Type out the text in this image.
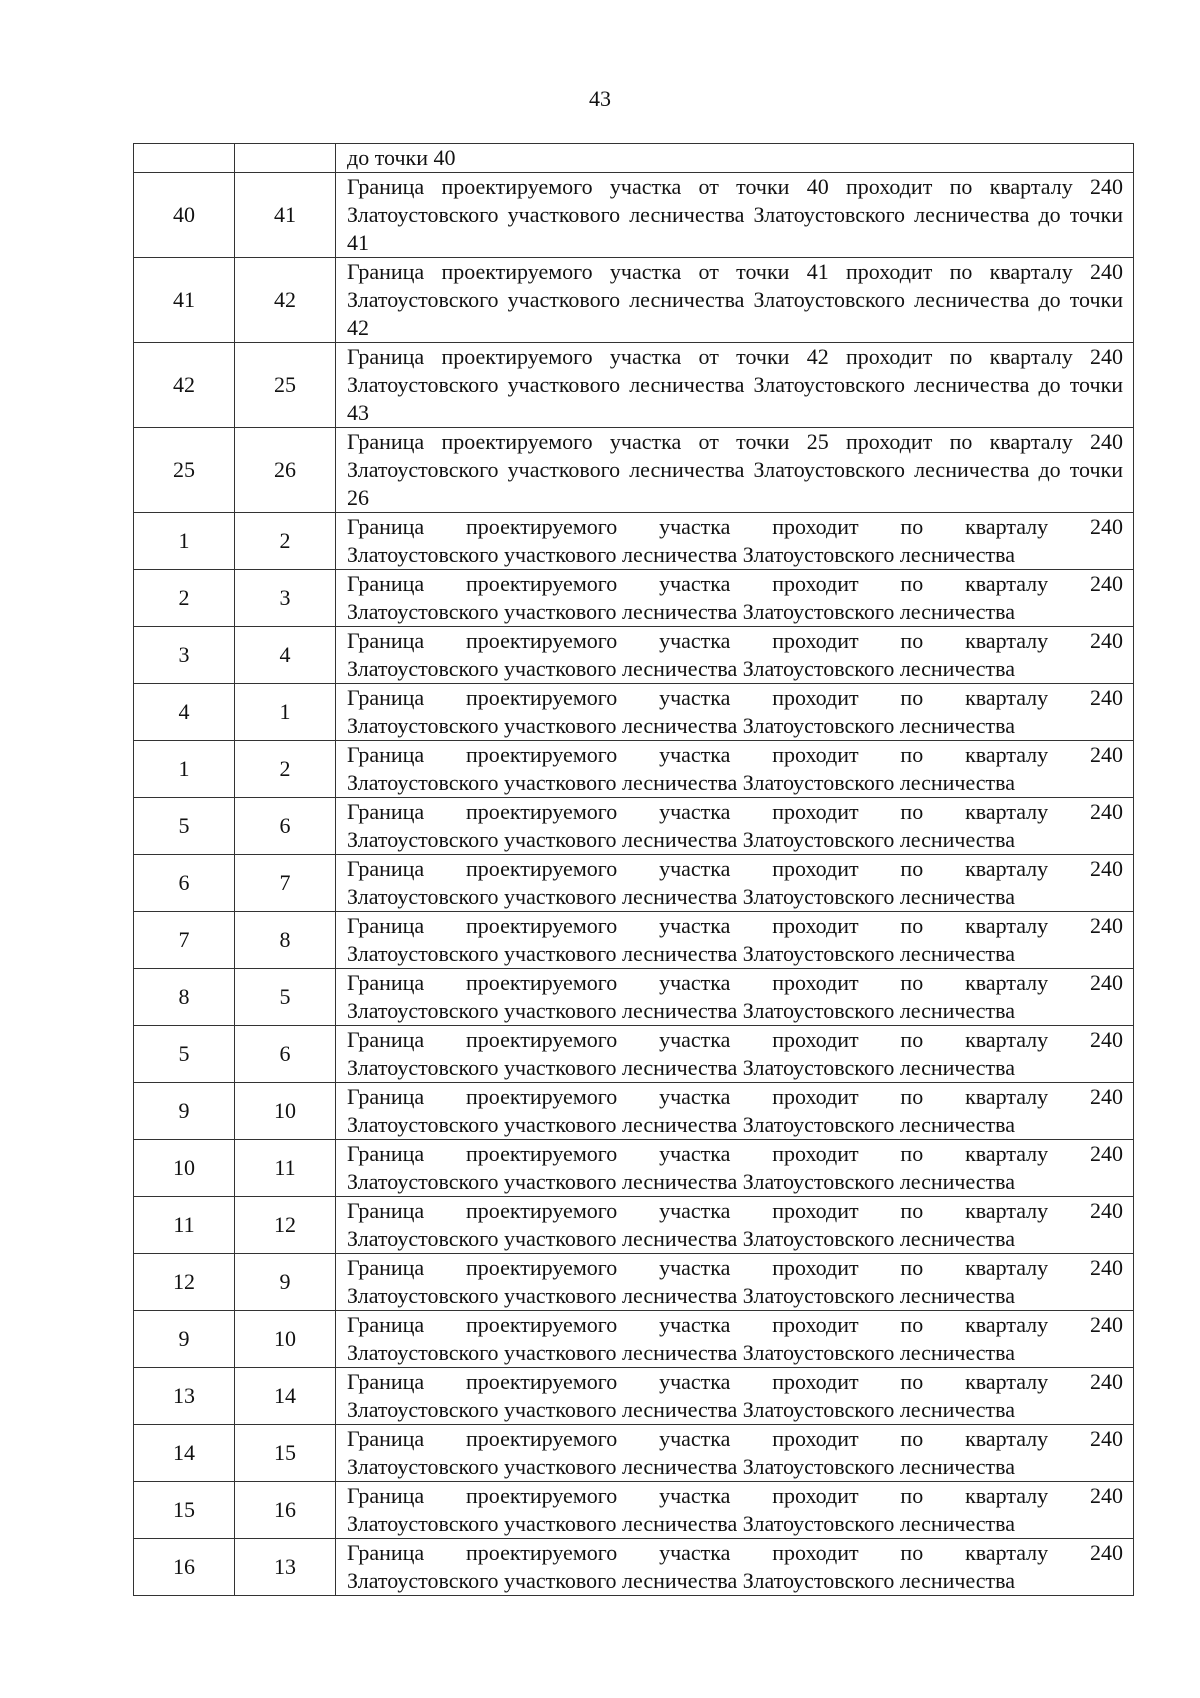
43

		до точки 40

40	41	Граница проектируемого участка от точки 40 проходит по кварталу 240 Златоустовского участкового лесничества Златоустовского лесничества до точки 41

41	42	Граница проектируемого участка от точки 41 проходит по кварталу 240 Златоустовского участкового лесничества Златоустовского лесничества до точки 42

42	25	Граница проектируемого участка от точки 42 проходит по кварталу 240 Златоустовского участкового лесничества Златоустовского лесничества до точки 43

25	26	Граница проектируемого участка от точки 25 проходит по кварталу 240 Златоустовского участкового лесничества Златоустовского лесничества до точки 26

1	2	Граница проектируемого участка проходит по кварталу 240
Златоустовского участкового лесничества Златоустовского лесничества

2	3	Граница проектируемого участка проходит по кварталу 240
Златоустовского участкового лесничества Златоустовского лесничества

3	4	Граница проектируемого участка проходит по кварталу 240
Златоустовского участкового лесничества Златоустовского лесничества

4	1	Граница проектируемого участка проходит по кварталу 240
Златоустовского участкового лесничества Златоустовского лесничества

1	2	Граница проектируемого участка проходит по кварталу 240
Златоустовского участкового лесничества Златоустовского лесничества

5	6	Граница проектируемого участка проходит по кварталу 240
Златоустовского участкового лесничества Златоустовского лесничества

6	7	Граница проектируемого участка проходит по кварталу 240
Златоустовского участкового лесничества Златоустовского лесничества

7	8	Граница проектируемого участка проходит по кварталу 240
Златоустовского участкового лесничества Златоустовского лесничества

8	5	Граница проектируемого участка проходит по кварталу 240
Златоустовского участкового лесничества Златоустовского лесничества

5	6	Граница проектируемого участка проходит по кварталу 240
Златоустовского участкового лесничества Златоустовского лесничества

9	10	Граница проектируемого участка проходит по кварталу 240
Златоустовского участкового лесничества Златоустовского лесничества

10	11	Граница проектируемого участка проходит по кварталу 240
Златоустовского участкового лесничества Златоустовского лесничества

11	12	Граница проектируемого участка проходит по кварталу 240
Златоустовского участкового лесничества Златоустовского лесничества

12	9	Граница проектируемого участка проходит по кварталу 240
Златоустовского участкового лесничества Златоустовского лесничества

9	10	Граница проектируемого участка проходит по кварталу 240
Златоустовского участкового лесничества Златоустовского лесничества

13	14	Граница проектируемого участка проходит по кварталу 240
Златоустовского участкового лесничества Златоустовского лесничества

14	15	Граница проектируемого участка проходит по кварталу 240
Златоустовского участкового лесничества Златоустовского лесничества

15	16	Граница проектируемого участка проходит по кварталу 240
Златоустовского участкового лесничества Златоустовского лесничества

16	13	Граница проектируемого участка проходит по кварталу 240
Златоустовского участкового лесничества Златоустовского лесничества
